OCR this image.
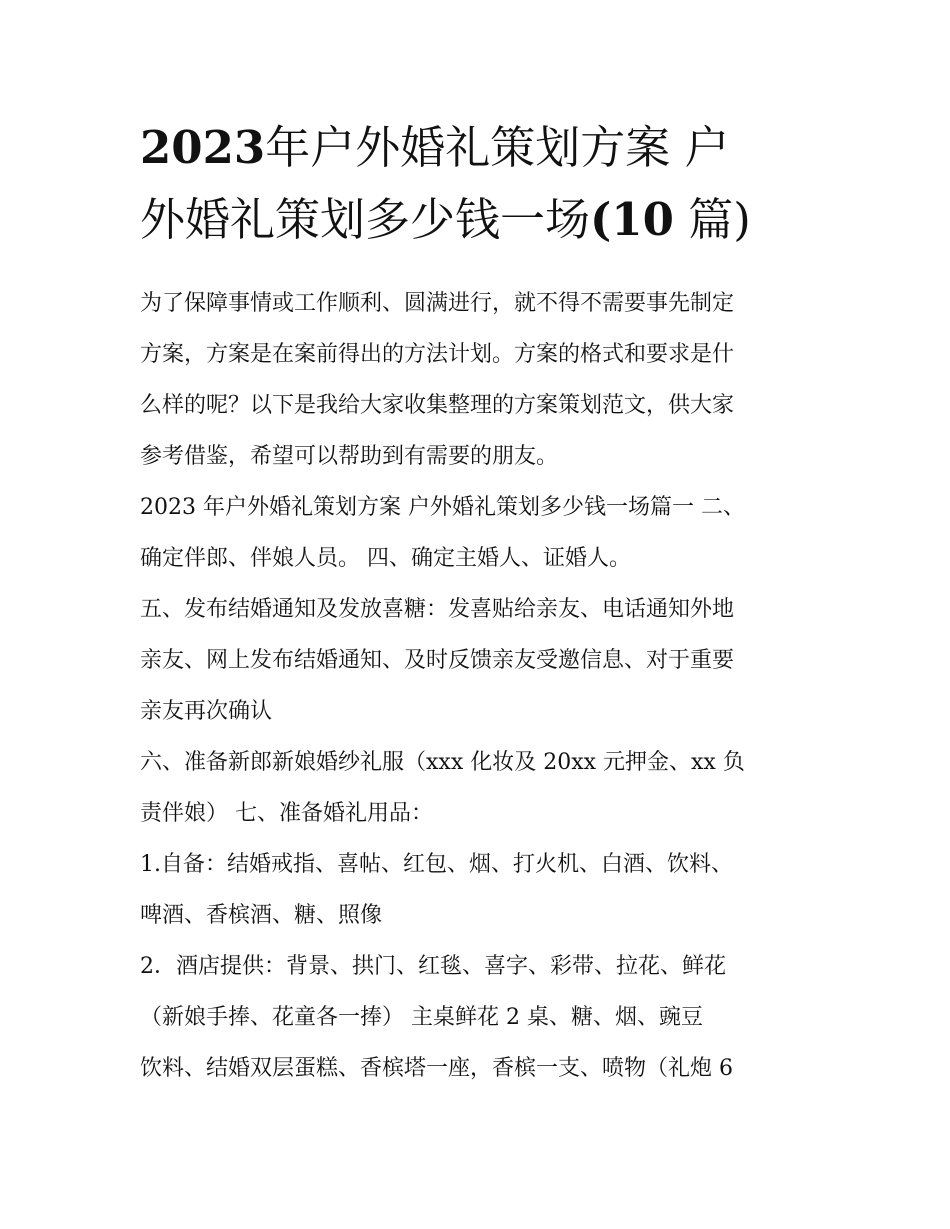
2023年户外婚礼策划方案 户
外婚礼策划多少钱一场(10 篇)

为了保障事情或工作顺利、圆满进行，就不得不需要事先制定
方案，方案是在案前得出的方法计划。方案的格式和要求是什
么样的呢？以下是我给大家收集整理的方案策划范文，供大家
参考借鉴，希望可以帮助到有需要的朋友。

2023 年户外婚礼策划方案 户外婚礼策划多少钱一场篇一 二、
确定伴郎、伴娘人员。 四、确定主婚人、证婚人。

五、发布结婚通知及发放喜糖：发喜贴给亲友、电话通知外地
亲友、网上发布结婚通知、及时反馈亲友受邀信息、对于重要
亲友再次确认

六、准备新郎新娘婚纱礼服（xxx 化妆及 20xx 元押金、xx 负
责伴娘） 七、准备婚礼用品：

1.自备：结婚戒指、喜帖、红包、烟、打火机、白酒、饮料、
啤酒、香槟酒、糖、照像

2．酒店提供：背景、拱门、红毯、喜字、彩带、拉花、鲜花
（新娘手捧、花童各一捧） 主桌鲜花 2 桌、糖、烟、豌豆
饮料、结婚双层蛋糕、香槟塔一座，香槟一支、喷物（礼炮 6
